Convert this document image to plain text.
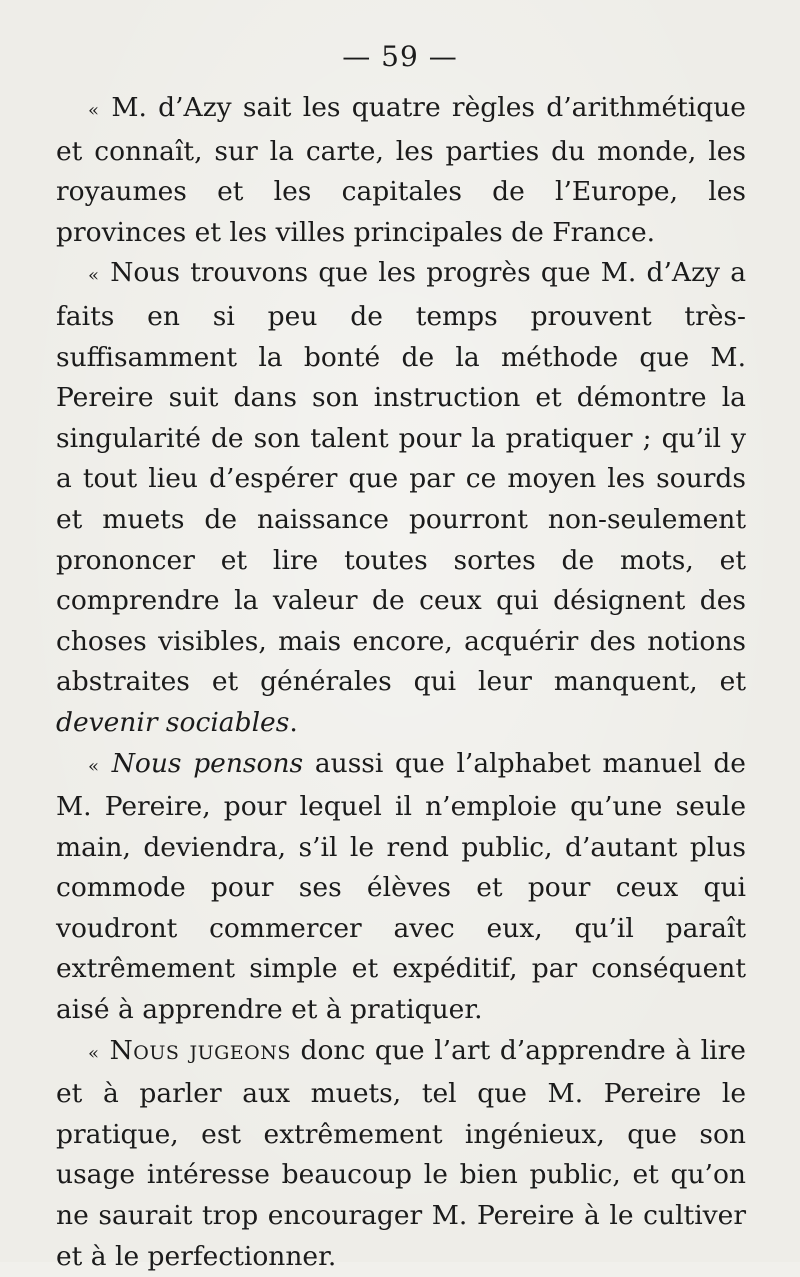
— 59 —

« M. d’Azy sait les quatre règles d’arithmétique et connaît, sur la carte, les parties du monde, les royaumes et les capitales de l’Europe, les provinces et les villes principales de France.

« Nous trouvons que les progrès que M. d’Azy a faits en si peu de temps prouvent très-suffisamment la bonté de la méthode que M. Pereire suit dans son instruction et démontre la singularité de son talent pour la pratiquer ; qu’il y a tout lieu d’espérer que par ce moyen les sourds et muets de naissance pourront non-seulement prononcer et lire toutes sortes de mots, et comprendre la valeur de ceux qui désignent des choses visibles, mais encore, acquérir des notions abstraites et générales qui leur manquent, et devenir sociables.

« Nous pensons aussi que l’alphabet manuel de M. Pereire, pour lequel il n’emploie qu’une seule main, deviendra, s’il le rend public, d’autant plus commode pour ses élèves et pour ceux qui voudront commercer avec eux, qu’il paraît extrêmement simple et expéditif, par conséquent aisé à apprendre et à pratiquer.

« Nous jugeons donc que l’art d’apprendre à lire et à parler aux muets, tel que M. Pereire le pratique, est extrêmement ingénieux, que son usage intéresse beaucoup le bien public, et qu’on ne saurait trop encourager M. Pereire à le cultiver et à le perfectionner.
